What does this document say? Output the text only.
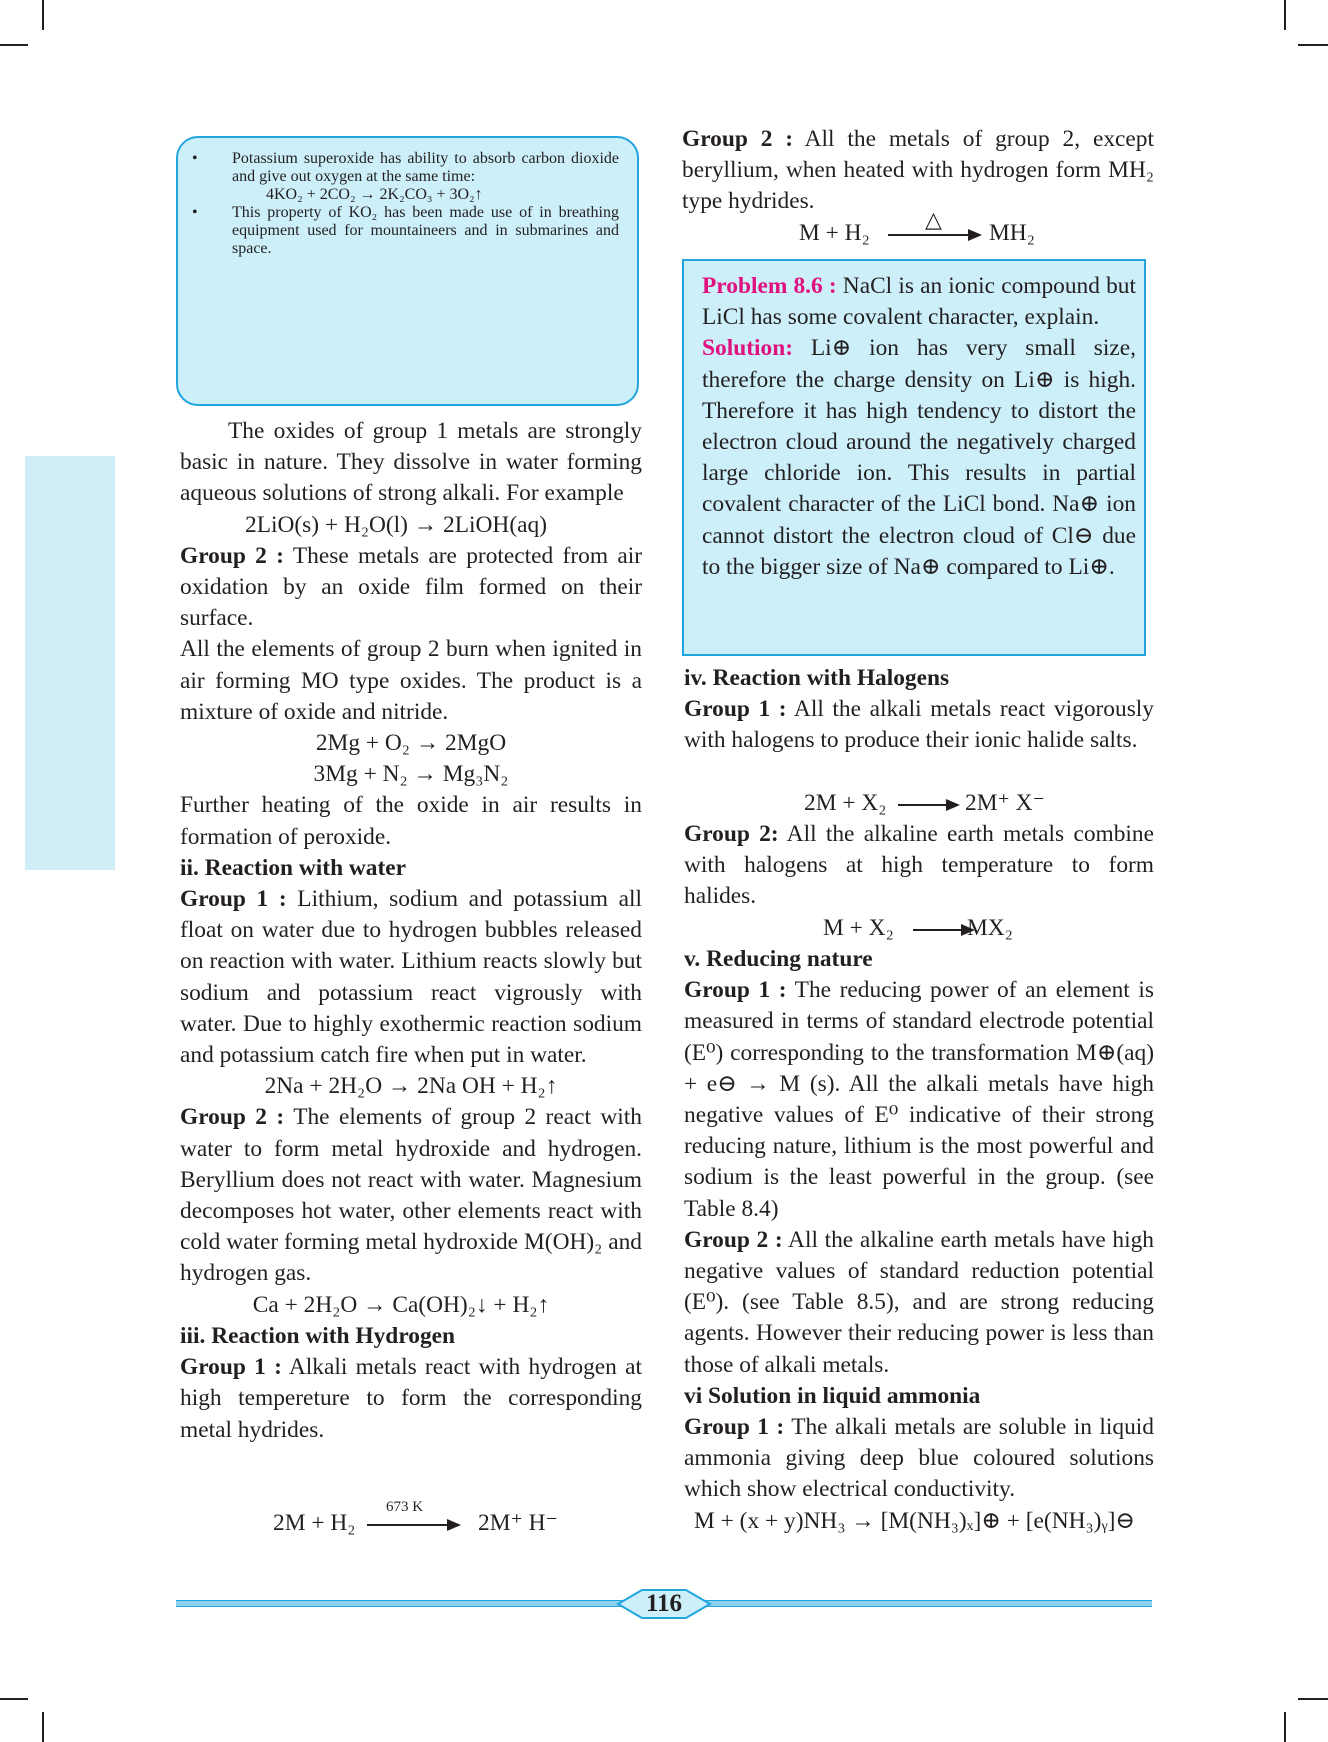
• Potassium superoxide has ability to absorb carbon dioxide and give out oxygen at the same time:
4KO₂ + 2CO₂ → 2K₂CO₃ + 3O₂↑
• This property of KO₂ has been made use of in breathing equipment used for mountaineers and in submarines and space.

The oxides of group 1 metals are strongly basic in nature. They dissolve in water forming aqueous solutions of strong alkali. For example

2LiO(s) + H₂O(l) → 2LiOH(aq)

Group 2 : These metals are protected from air oxidation by an oxide film formed on their surface.

All the elements of group 2 burn when ignited in air forming MO type oxides. The product is a mixture of oxide and nitride.

2Mg + O₂ → 2MgO

3Mg + N₂ → Mg₃N₂

Further heating of the oxide in air results in formation of peroxide.

ii. Reaction with water

Group 1 : Lithium, sodium and potassium all float on water due to hydrogen bubbles released on reaction with water. Lithium reacts slowly but sodium and potassium react vigrously with water. Due to highly exothermic reaction sodium and potassium catch fire when put in water.

2Na + 2H₂O → 2Na OH + H₂↑

Group 2 : The elements of group 2 react with water to form metal hydroxide and hydrogen. Beryllium does not react with water. Magnesium decomposes hot water, other elements react with cold water forming metal hydroxide M(OH)₂ and hydrogen gas.

Ca + 2H₂O → Ca(OH)₂↓ + H₂↑

iii. Reaction with Hydrogen

Group 1 : Alkali metals react with hydrogen at high tempereture to form the corresponding metal hydrides.

2M + H₂
673 K
2M⁺ H⁻

Group 2 : All the metals of group 2, except beryllium, when heated with hydrogen form MH₂ type hydrides.

M + H₂
△
MH₂

Problem 8.6 : NaCl is an ionic compound but LiCl has some covalent character, explain.

Solution: Li⊕ ion has very small size, therefore the charge density on Li⊕ is high. Therefore it has high tendency to distort the electron cloud around the negatively charged large chloride ion. This results in partial covalent character of the LiCl bond. Na⊕ ion cannot distort the electron cloud of Cl⊖ due to the bigger size of Na⊕ compared to Li⊕.

iv. Reaction with Halogens

Group 1 : All the alkali metals react vigorously with halogens to produce their ionic halide salts.

2M + X₂	2M⁺ X⁻

Group 2: All the alkaline earth metals combine with halogens at high temperature to form halides.

M + X₂	MX₂

v. Reducing nature

Group 1 : The reducing power of an element is measured in terms of standard electrode potential (E⁰) corresponding to the transformation M⊕(aq) + e⊖ → M (s). All the alkali metals have high negative values of E⁰ indicative of their strong reducing nature, lithium is the most powerful and sodium is the least powerful in the group. (see Table 8.4)

Group 2 : All the alkaline earth metals have high negative values of standard reduction potential (E⁰). (see Table 8.5), and are strong reducing agents. However their reducing power is less than those of alkali metals.

vi Solution in liquid ammonia

Group 1 : The alkali metals are soluble in liquid ammonia giving deep blue coloured solutions which show electrical conductivity.

M + (x + y)NH₃ → [M(NH₃)ₓ]⊕ + [e(NH₃)ᵧ]⊖

116
